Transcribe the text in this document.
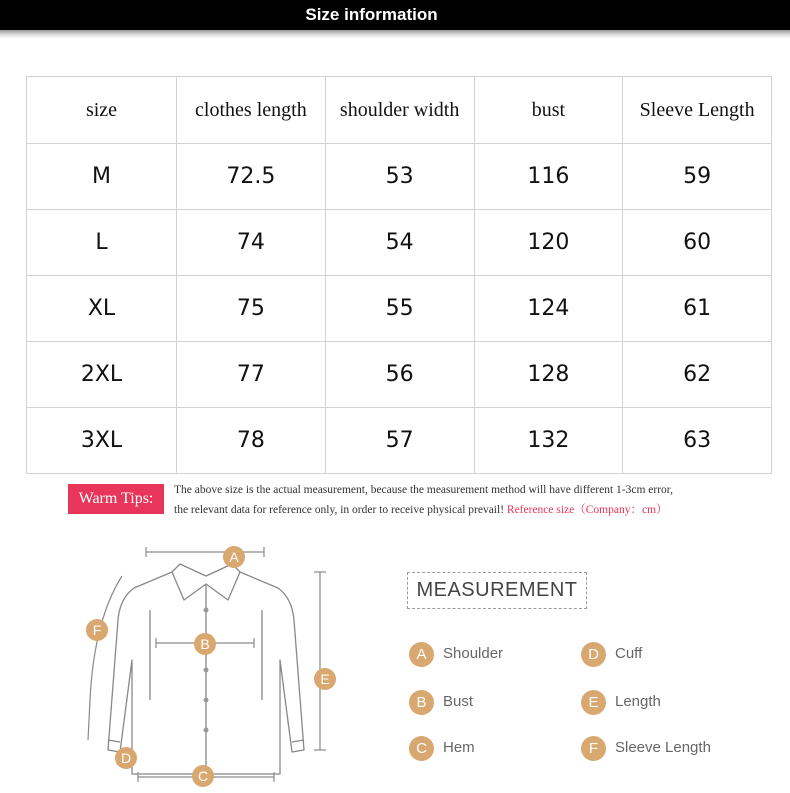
Size information
size	clothes length	shoulder width	bust	Sleeve Length
M	72.5	53	116	59
L	74	54	120	60
XL	75	55	124	61
2XL	77	56	128	62
3XL	78	57	132	63
Warm Tips:	The above size is the actual measurement, because the measurement method will have different 1-3cm error,
the relevant data for reference only, in order to receive physical prevail! Reference size（Company：cm）
A
B
C
D
E
F
MEASUREMENT
A	Shoulder
B	Bust
C	Hem
D	Cuff
E	Length
F	Sleeve Length
